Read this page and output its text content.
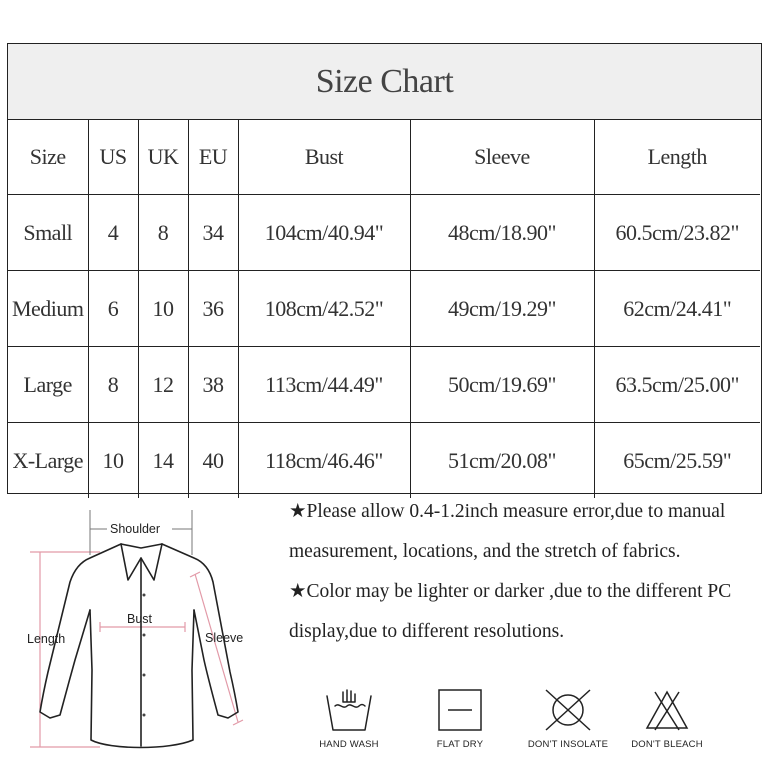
Size Chart
Size	US	UK	EU	Bust	Sleeve	Length
Small	4	8	34	104cm/40.94"	48cm/18.90"	60.5cm/23.82"
Medium	6	10	36	108cm/42.52"	49cm/19.29"	62cm/24.41"
Large	8	12	38	113cm/44.49"	50cm/19.69"	63.5cm/25.00"
X-Large	10	14	40	118cm/46.46"	51cm/20.08"	65cm/25.59"
Shoulder
Bust
Length	Sleeve

★Please allow 0.4-1.2inch measure error,due to manual measurement, locations, and the stretch of fabrics.

★Color may be lighter or darker ,due to the different PC display,due to different resolutions.

HAND WASH	FLAT DRY	DON'T INSOLATE	DON'T BLEACH
